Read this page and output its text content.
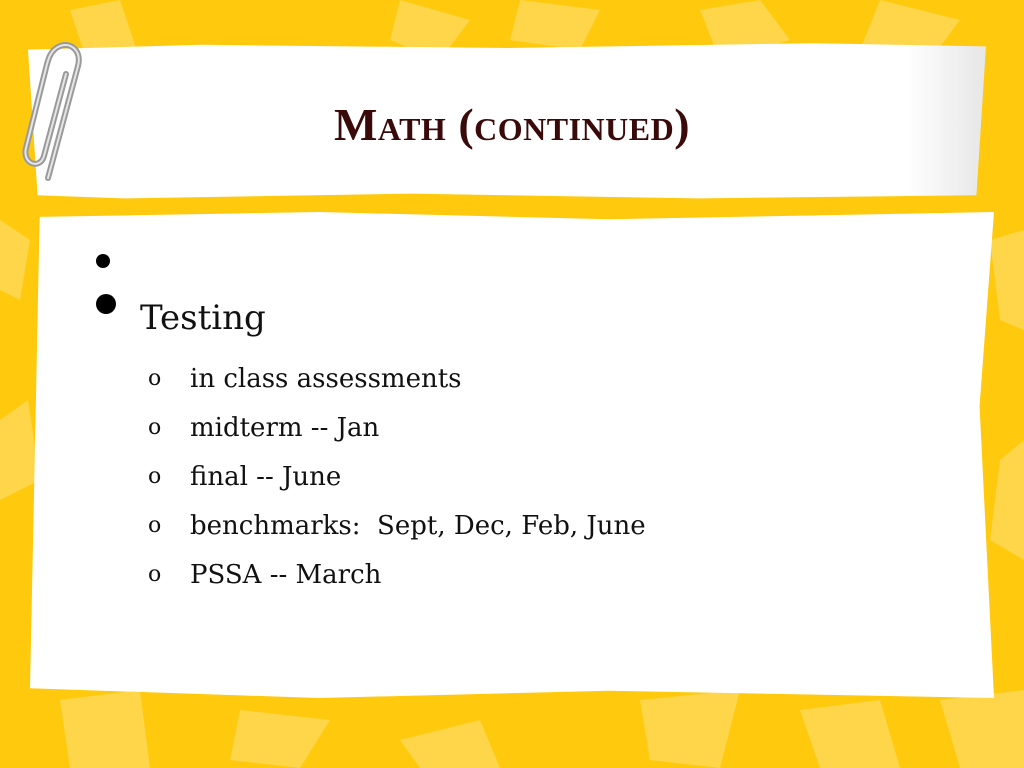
Math (continued)
Testing
o in class assessments
o midterm -- Jan
o final -- June
o benchmarks:  Sept, Dec, Feb, June
o PSSA -- March
